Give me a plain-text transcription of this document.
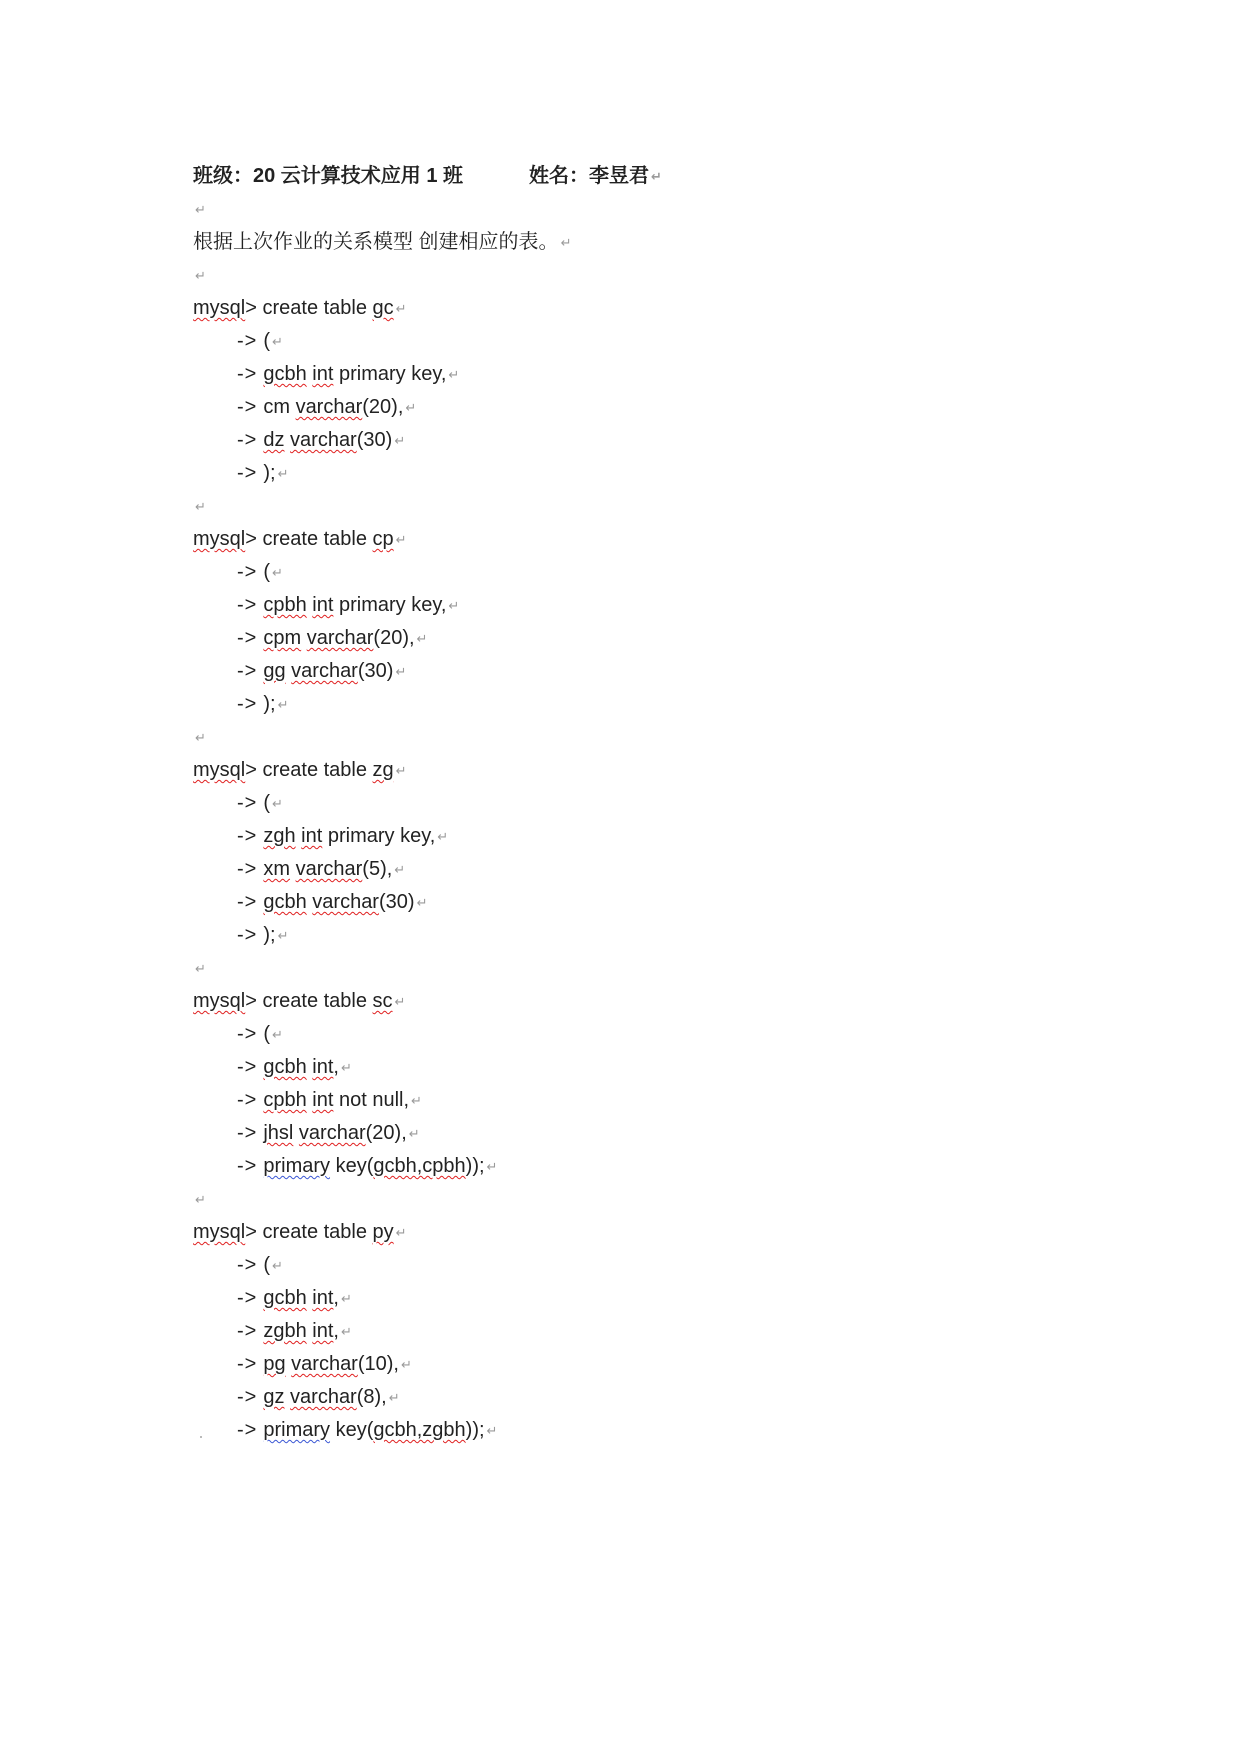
班级：20 云计算技术应用 1 班	姓名：李昱君 ↵
↵
根据上次作业的关系模型 创建相应的表。 ↵
↵
mysql> create table gc ↵
-> ( ↵
-> gcbh int primary key, ↵
-> cm varchar(20), ↵
-> dz varchar(30) ↵
-> ); ↵
↵
mysql> create table cp ↵
-> ( ↵
-> cpbh int primary key, ↵
-> cpm varchar(20), ↵
-> gg varchar(30) ↵
-> ); ↵
↵
mysql> create table zg ↵
-> ( ↵
-> zgh int primary key, ↵
-> xm varchar(5), ↵
-> gcbh varchar(30) ↵
-> ); ↵
↵
mysql> create table sc ↵
-> ( ↵
-> gcbh int, ↵
-> cpbh int not null, ↵
-> jhsl varchar(20), ↵
-> primary key(gcbh,cpbh)); ↵
↵
mysql> create table py ↵
-> ( ↵
-> gcbh int, ↵
-> zgbh int, ↵
-> pg varchar(10), ↵
-> gz varchar(8), ↵
-> primary key(gcbh,zgbh)); ↵
